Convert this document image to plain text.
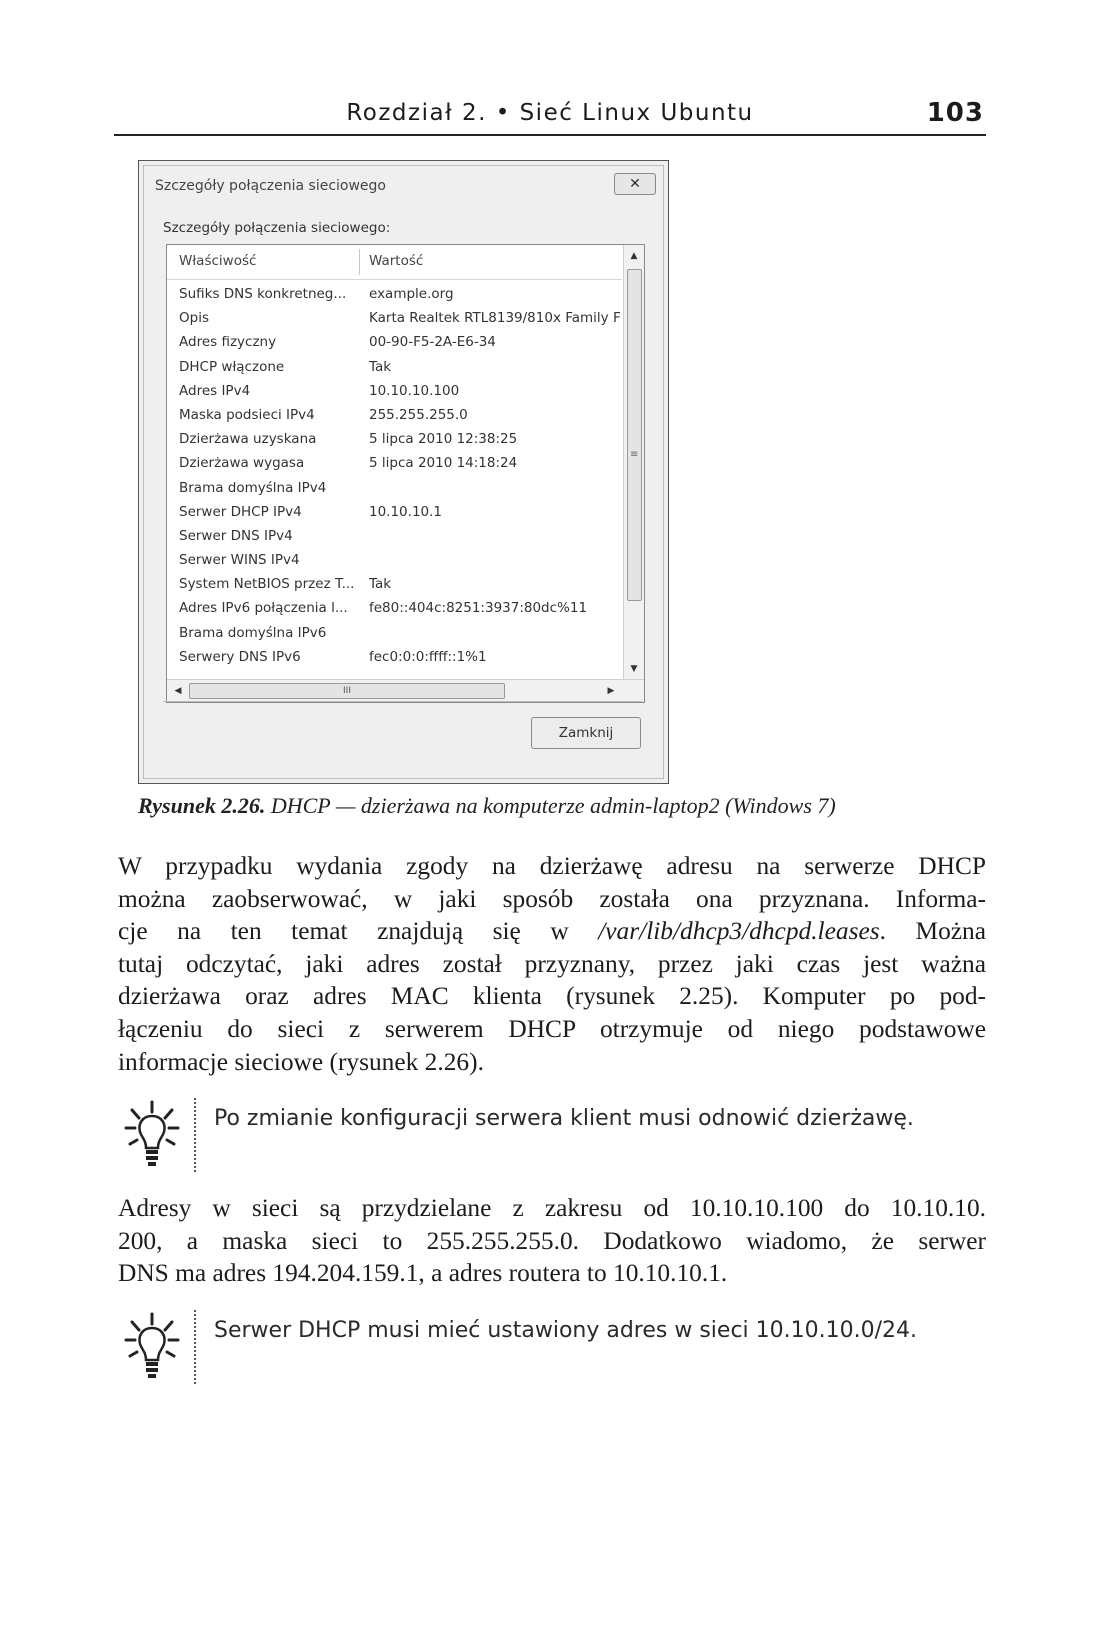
Rozdział 2. • Sieć Linux Ubuntu	103
Szczegóły połączenia sieciowego	✕
Szczegóły połączenia sieciowego:
Właściwość	Wartość
Sufiks DNS konkretneg...	example.org
Opis	Karta Realtek RTL8139/810x Family F
Adres fizyczny	00-90-F5-2A-E6-34
DHCP włączone	Tak
Adres IPv4	10.10.10.100
Maska podsieci IPv4	255.255.255.0
Dzierżawa uzyskana	5 lipca 2010 12:38:25
Dzierżawa wygasa	5 lipca 2010 14:18:24
Brama domyślna IPv4
Serwer DHCP IPv4	10.10.10.1
Serwer DNS IPv4
Serwer WINS IPv4
System NetBIOS przez T...	Tak
Adres IPv6 połączenia l...	fe80::404c:8251:3937:80dc%11
Brama domyślna IPv6
Serwery DNS IPv6	fec0:0:0:ffff::1%1
▲
≡
▼
◀	III	▶
Zamknij
Rysunek 2.26. DHCP — dzierżawa na komputerze admin-laptop2 (Windows 7)
W przypadku wydania zgody na dzierżawę adresu na serwerze DHCP
można zaobserwować, w jaki sposób została ona przyznana. Informa-
cje na ten temat znajdują się w /var/lib/dhcp3/dhcpd.leases. Można
tutaj odczytać, jaki adres został przyznany, przez jaki czas jest ważna
dzierżawa oraz adres MAC klienta (rysunek 2.25). Komputer po pod-
łączeniu do sieci z serwerem DHCP otrzymuje od niego podstawowe
informacje sieciowe (rysunek 2.26).
Po zmianie konfiguracji serwera klient musi odnowić dzierżawę.
Adresy w sieci są przydzielane z zakresu od 10.10.10.100 do 10.10.10.
200, a maska sieci to 255.255.255.0. Dodatkowo wiadomo, że serwer
DNS ma adres 194.204.159.1, a adres routera to 10.10.10.1.
Serwer DHCP musi mieć ustawiony adres w sieci 10.10.10.0/24.
